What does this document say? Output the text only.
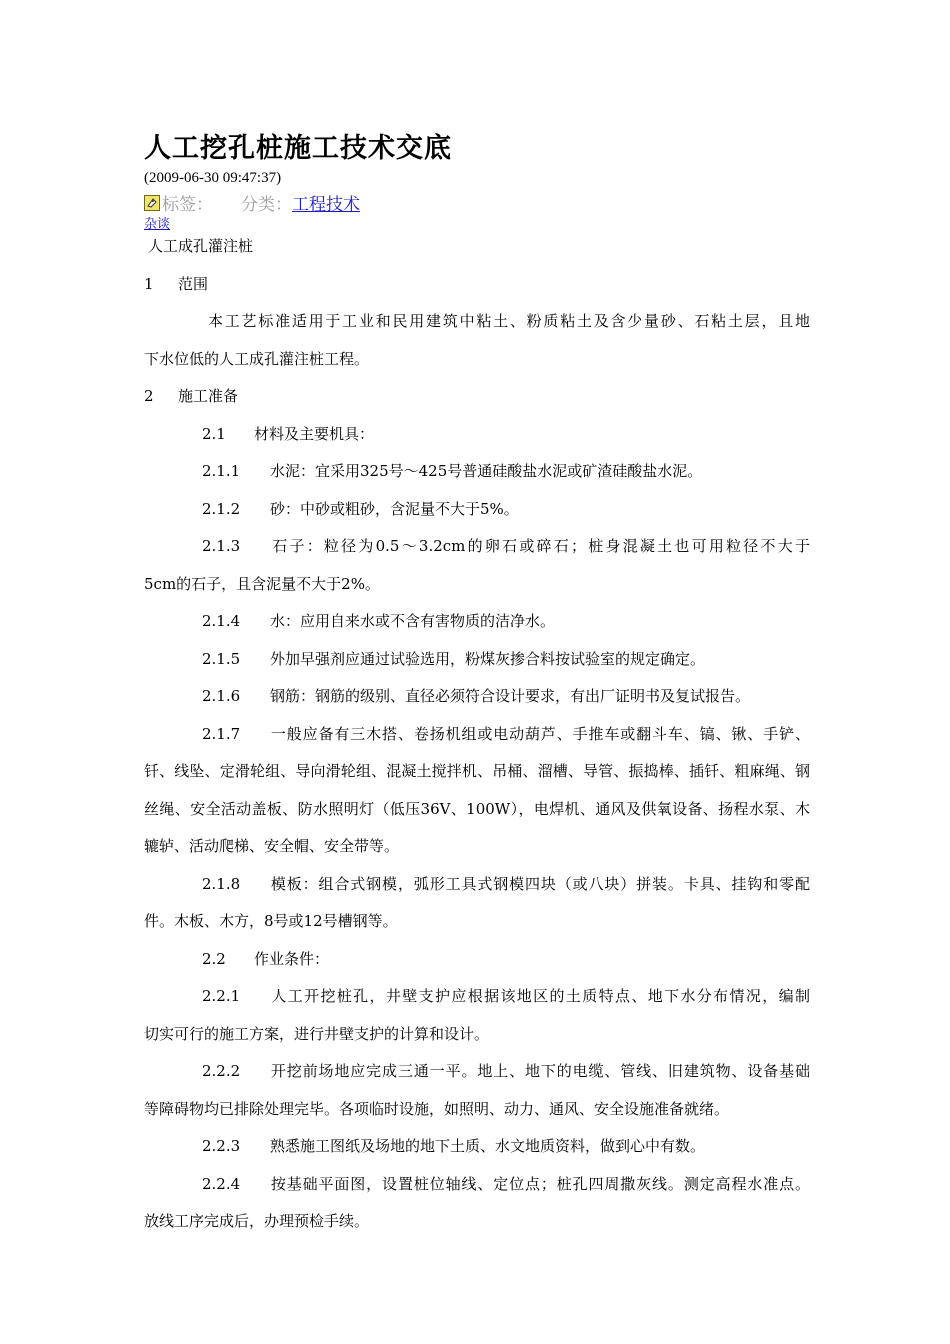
人工挖孔桩施工技术交底
(2009-06-30 09:47:37)
标签： 分类： 工程技术
杂谈

人工成孔灌注桩

1 范围

本工艺标准适用于工业和民用建筑中粘土、粉质粘土及含少量砂、石粘土层，且地

下水位低的人工成孔灌注桩工程。

2 施工准备

2.1 材料及主要机具：

2.1.1 水泥：宜采用325号～425号普通硅酸盐水泥或矿渣硅酸盐水泥。

2.1.2 砂：中砂或粗砂，含泥量不大于5%。

2.1.3 石子：粒径为0.5～3.2cm的卵石或碎石；桩身混凝土也可用粒径不大于

5cm的石子，且含泥量不大于2%。

2.1.4 水：应用自来水或不含有害物质的洁净水。

2.1.5 外加早强剂应通过试验选用，粉煤灰掺合料按试验室的规定确定。

2.1.6 钢筋：钢筋的级别、直径必须符合设计要求，有出厂证明书及复试报告。

2.1.7 一般应备有三木搭、卷扬机组或电动葫芦、手推车或翻斗车、镐、锹、手铲、

钎、线坠、定滑轮组、导向滑轮组、混凝土搅拌机、吊桶、溜槽、导管、振捣棒、插钎、粗麻绳、钢

丝绳、安全活动盖板、防水照明灯（低压36V、100W），电焊机、通风及供氧设备、扬程水泵、木

辘轳、活动爬梯、安全帽、安全带等。

2.1.8 模板：组合式钢模，弧形工具式钢模四块（或八块）拼装。卡具、挂钩和零配

件。木板、木方，8号或12号槽钢等。

2.2 作业条件：

2.2.1 人工开挖桩孔，井壁支护应根据该地区的土质特点、地下水分布情况，编制

切实可行的施工方案，进行井壁支护的计算和设计。

2.2.2 开挖前场地应完成三通一平。地上、地下的电缆、管线、旧建筑物、设备基础

等障碍物均已排除处理完毕。各项临时设施，如照明、动力、通风、安全设施准备就绪。

2.2.3 熟悉施工图纸及场地的地下土质、水文地质资料，做到心中有数。

2.2.4 按基础平面图，设置桩位轴线、定位点；桩孔四周撒灰线。测定高程水准点。

放线工序完成后，办理预检手续。
